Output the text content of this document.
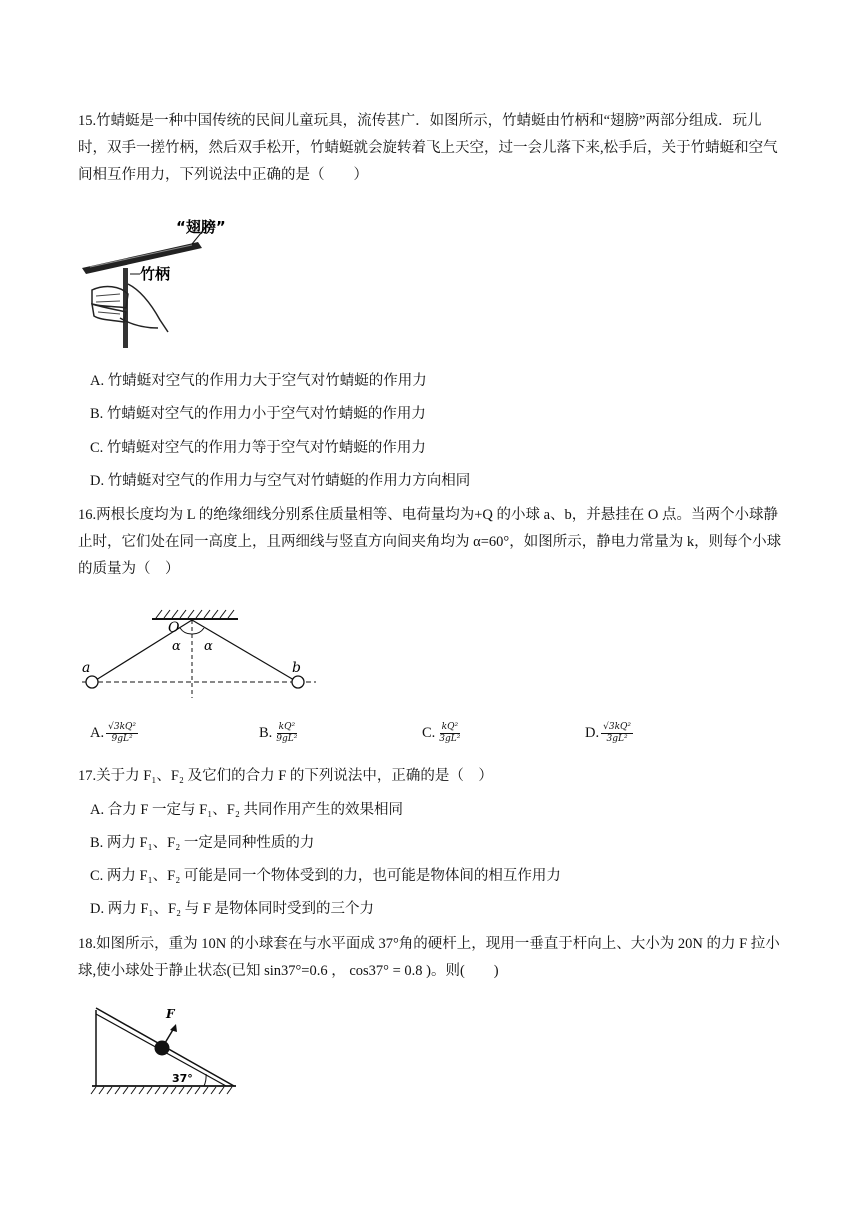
15.竹蜻蜓是一种中国传统的民间儿童玩具，流传甚广．如图所示，竹蜻蜓由竹柄和“翅膀”两部分组成．玩儿时，双手一搓竹柄，然后双手松开，竹蜻蜓就会旋转着飞上天空，过一会儿落下来,松手后，关于竹蜻蜓和空气间相互作用力，下列说法中正确的是（　　）
“翅膀”
竹柄
A. 竹蜻蜓对空气的作用力大于空气对竹蜻蜓的作用力
B. 竹蜻蜓对空气的作用力小于空气对竹蜻蜓的作用力
C. 竹蜻蜓对空气的作用力等于空气对竹蜻蜓的作用力
D. 竹蜻蜓对空气的作用力与空气对竹蜻蜓的作用力方向相同
16.两根长度均为 L 的绝缘细线分别系住质量相等、电荷量均为+Q 的小球 a、b，并悬挂在 O 点。当两个小球静止时，它们处在同一高度上，且两细线与竖直方向间夹角均为 α=60°，如图所示，静电力常量为 k，则每个小球的质量为（　）
O
α α
a	b
A. $\frac{\text{√3kQ²}}{\text{9gL²}}$	B. $\frac{\text{kQ²}}{\text{9gL²}}$	C. $\frac{\text{kQ²}}{\text{3gL²}}$	D. $\frac{\text{√3kQ²}}{\text{3gL²}}$
17.关于力 F₁、F₂ 及它们的合力 F 的下列说法中，正确的是（　）
A. 合力 F 一定与 F₁、F₂ 共同作用产生的效果相同
B. 两力 F₁、F₂ 一定是同种性质的力
C. 两力 F₁、F₂ 可能是同一个物体受到的力，也可能是物体间的相互作用力
D. 两力 F₁、F₂ 与 F 是物体同时受到的三个力
18.如图所示，重为 10N 的小球套在与水平面成 37°角的硬杆上，现用一垂直于杆向上、大小为 20N 的力 F 拉小球,使小球处于静止状态(已知 sin37°=0.6 ， cos37° = 0.8 )。则(　　)
F
37°
